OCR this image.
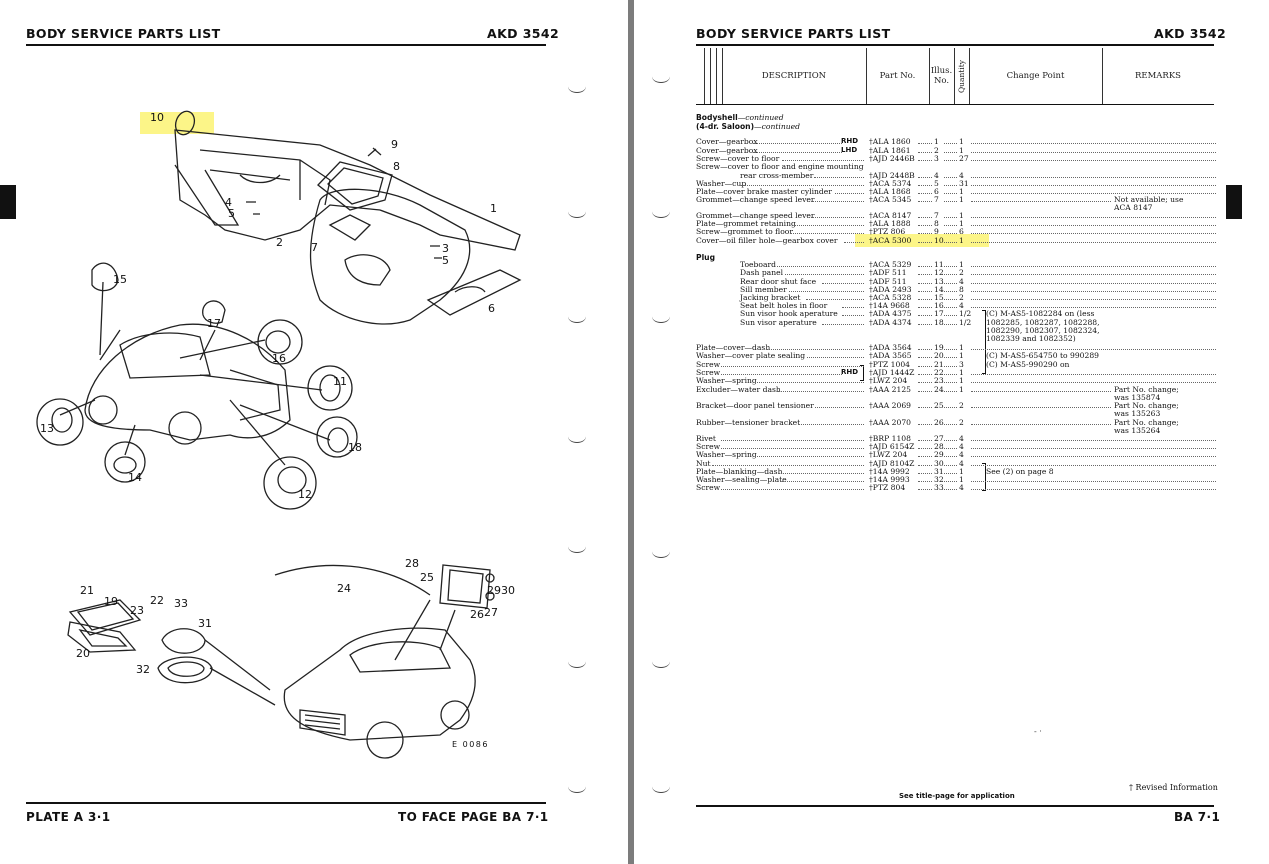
BODY SERVICE PARTS LIST	AKD 3542
10
9
8
1
4
5
2	7	3
5
6
15
17
16
11
13
18
14
12
21
19	22 33
23
31
20
32
28
25
29 30
24
26 27
E 0086
PLATE A 3·1	TO FACE PAGE BA 7·1
BODY SERVICE PARTS LIST	AKD 3542
DESCRIPTION	Part No.
Illus.
No.	Quantity	Change Point	REMARKS
Bodyshell—continued
(4-dr. Saloon)—continued
Plug
Cover—gearbox	RHD †ALA 1860	1	1
Cover—gearbox	LHD †ALA 1861	2	1
Screw—cover to floor	†AJD 2446B	3	27
Screw—cover to floor and engine mounting
rear cross-member	†AJD 2448B	4	4
Washer—cup	†ACA 5374	5	31
Plate—cover brake master cylinder	†ALA 1868	6	1
Grommet—change speed lever	†ACA 5345	7	1	Not available; use
ACA 8147
Grommet—change speed lever	†ACA 8147	7	1
Plate—grommet retaining	†ALA 1888	8	1
Screw—grommet to floor	†PTZ 806	9	6
Cover—oil filler hole—gearbox cover	†ACA 5300	10 1
Toeboard	†ACA 5329	11 1
Dash panel	†ADF 511	12 2
Rear door shut face	†ADF 511	13 4
Sill member	†ADA 2493	14 8
Jacking bracket	†ACA 5328	15 2
Seat belt holes in floor	†14A 9668	16 4
Sun visor hook aperature	†ADA 4375	17 1/2 (C) M-AS5-1082284 on (less
Sun visor aperature	†ADA 4374	18 1/2 1082285, 1082287, 1082288,
1082290, 1082307, 1082324,
1082339 and 1082352)
Plate—cover—dash	†ADA 3564	19 1
Washer—cover plate sealing	†ADA 3565	20 1	(C) M-AS5-654750 to 990289
Screw	†PTZ 1004	21 3	(C) M-AS5-990290 on
Screw	RHD †AJD 1444Z	22 1
Washer—spring	†LWZ 204	23 1
Excluder—water dash	†AAA 2125	24 1	Part No. change;
was 135874
Bracket—door panel tensioner	†AAA 2069	25 2	Part No. change;
was 135263
Rubber—tensioner bracket	†AAA 2070	26 2	Part No. change;
was 135264
Rivet	†BRP 1108	27 4
Screw	†AJD 6154Z	28 4
Washer—spring	†LWZ 204	29 4
Nut	†AJD 8104Z	30 4
Plate—blanking—dash	†14A 9992	31 1	See (2) on page 8
Washer—sealing—plate	†14A 9993	32 1
Screw	†PTZ 804	33 4
† Revised Information
‑ ·
See title-page for application
BA 7·1
